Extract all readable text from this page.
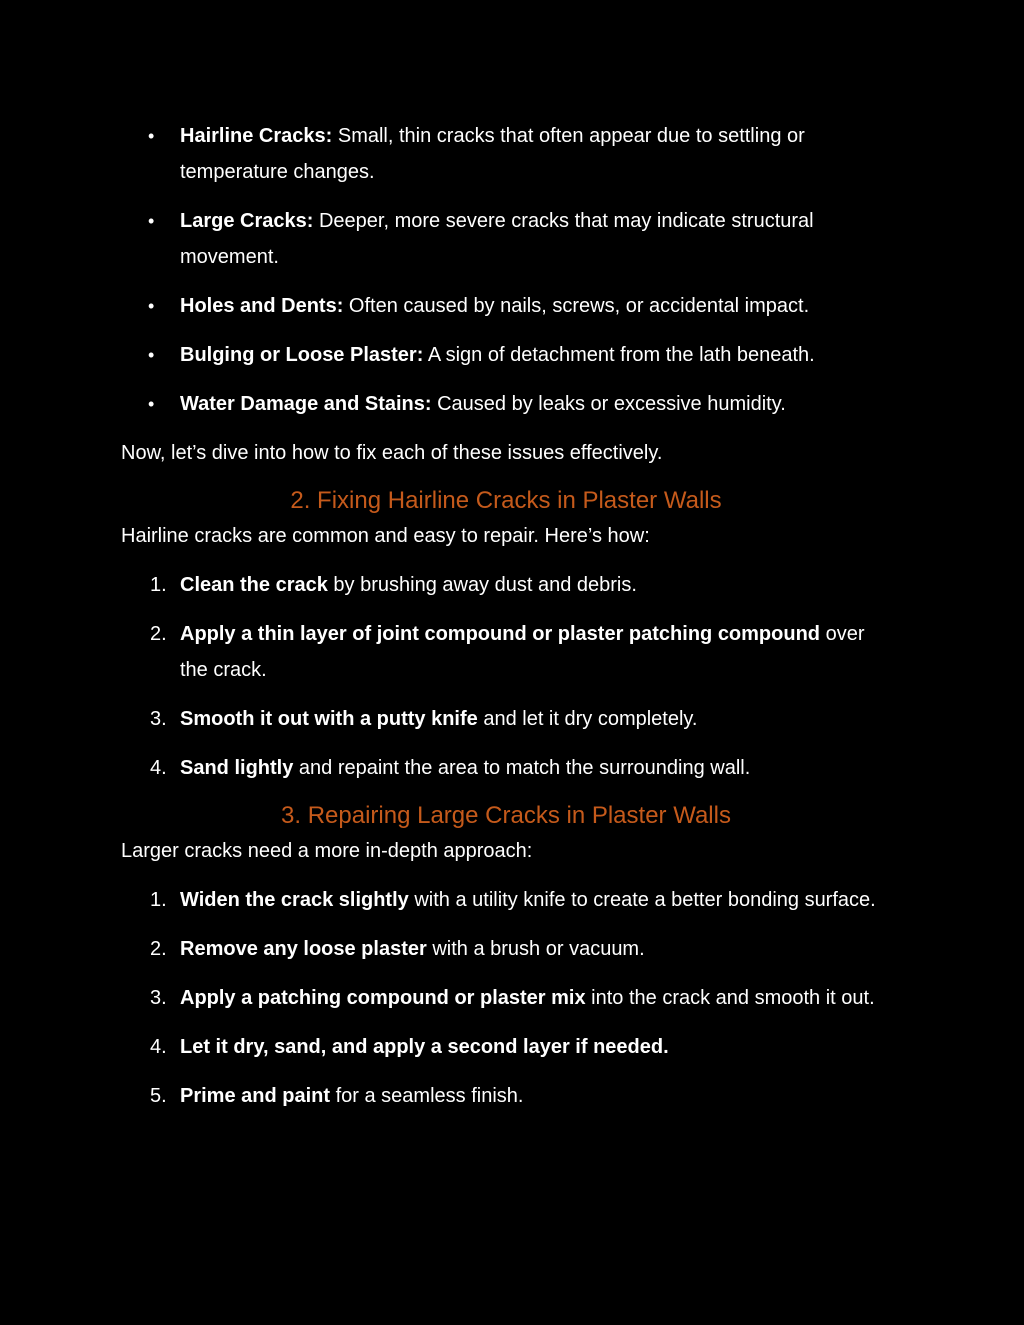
• Hairline Cracks: Small, thin cracks that often appear due to settling or temperature changes.
• Large Cracks: Deeper, more severe cracks that may indicate structural movement.
• Holes and Dents: Often caused by nails, screws, or accidental impact.
• Bulging or Loose Plaster: A sign of detachment from the lath beneath.
• Water Damage and Stains: Caused by leaks or excessive humidity.

Now, let’s dive into how to fix each of these issues effectively.

2. Fixing Hairline Cracks in Plaster Walls

Hairline cracks are common and easy to repair. Here’s how:

1. Clean the crack by brushing away dust and debris.
2. Apply a thin layer of joint compound or plaster patching compound over the crack.
3. Smooth it out with a putty knife and let it dry completely.
4. Sand lightly and repaint the area to match the surrounding wall.
3. Repairing Large Cracks in Plaster Walls

Larger cracks need a more in-depth approach:

1. Widen the crack slightly with a utility knife to create a better bonding surface.
2. Remove any loose plaster with a brush or vacuum.
3. Apply a patching compound or plaster mix into the crack and smooth it out.
4. Let it dry, sand, and apply a second layer if needed.
5. Prime and paint for a seamless finish.
